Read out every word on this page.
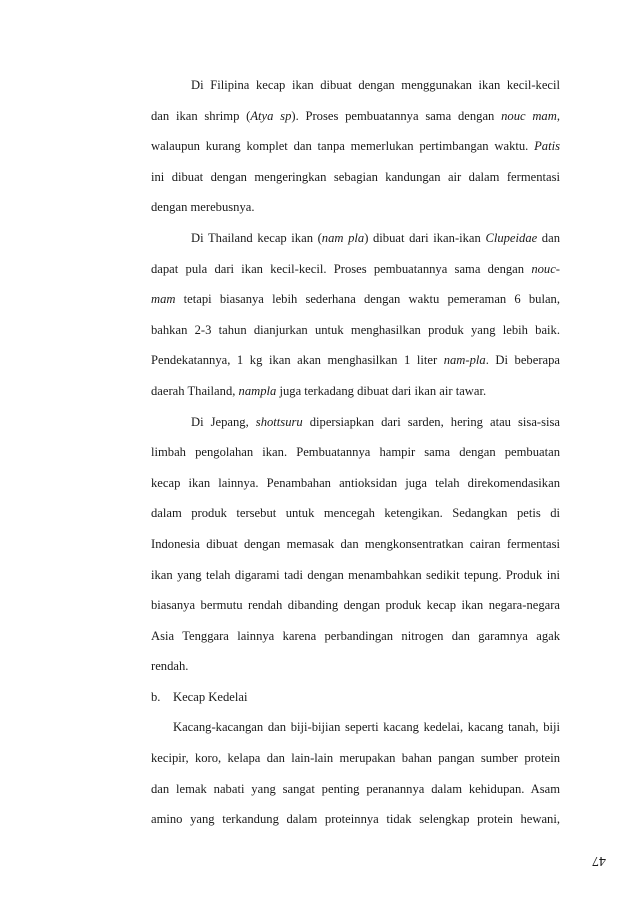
Di Filipina kecap ikan dibuat dengan menggunakan ikan kecil-kecil
dan ikan shrimp (Atya sp). Proses pembuatannya sama dengan nouc mam,
walaupun kurang komplet dan tanpa memerlukan pertimbangan waktu. Patis
ini dibuat dengan mengeringkan sebagian kandungan air dalam fermentasi
dengan merebusnya.
Di Thailand kecap ikan (nam pla) dibuat dari ikan-ikan Clupeidae dan
dapat pula dari ikan kecil-kecil. Proses pembuatannya sama dengan nouc-
mam tetapi biasanya lebih sederhana dengan waktu pemeraman 6 bulan,
bahkan 2-3 tahun dianjurkan untuk menghasilkan produk yang lebih baik.
Pendekatannya, 1 kg ikan akan menghasilkan 1 liter nam-pla. Di beberapa
daerah Thailand, nampla juga terkadang dibuat dari ikan air tawar.
Di Jepang, shottsuru dipersiapkan dari sarden, hering atau sisa-sisa
limbah pengolahan ikan. Pembuatannya hampir sama dengan pembuatan
kecap ikan lainnya. Penambahan antioksidan juga telah direkomendasikan
dalam produk tersebut untuk mencegah ketengikan. Sedangkan petis di
Indonesia dibuat dengan memasak dan mengkonsentratkan cairan fermentasi
ikan yang telah digarami tadi dengan menambahkan sedikit tepung. Produk ini
biasanya bermutu rendah dibanding dengan produk kecap ikan negara-negara
Asia Tenggara lainnya karena perbandingan nitrogen dan garamnya agak
rendah.
b. Kecap Kedelai
Kacang-kacangan dan biji-bijian seperti kacang kedelai, kacang tanah, biji
kecipir, koro, kelapa dan lain-lain merupakan bahan pangan sumber protein
dan lemak nabati yang sangat penting peranannya dalam kehidupan. Asam
amino yang terkandung dalam proteinnya tidak selengkap protein hewani,
47
